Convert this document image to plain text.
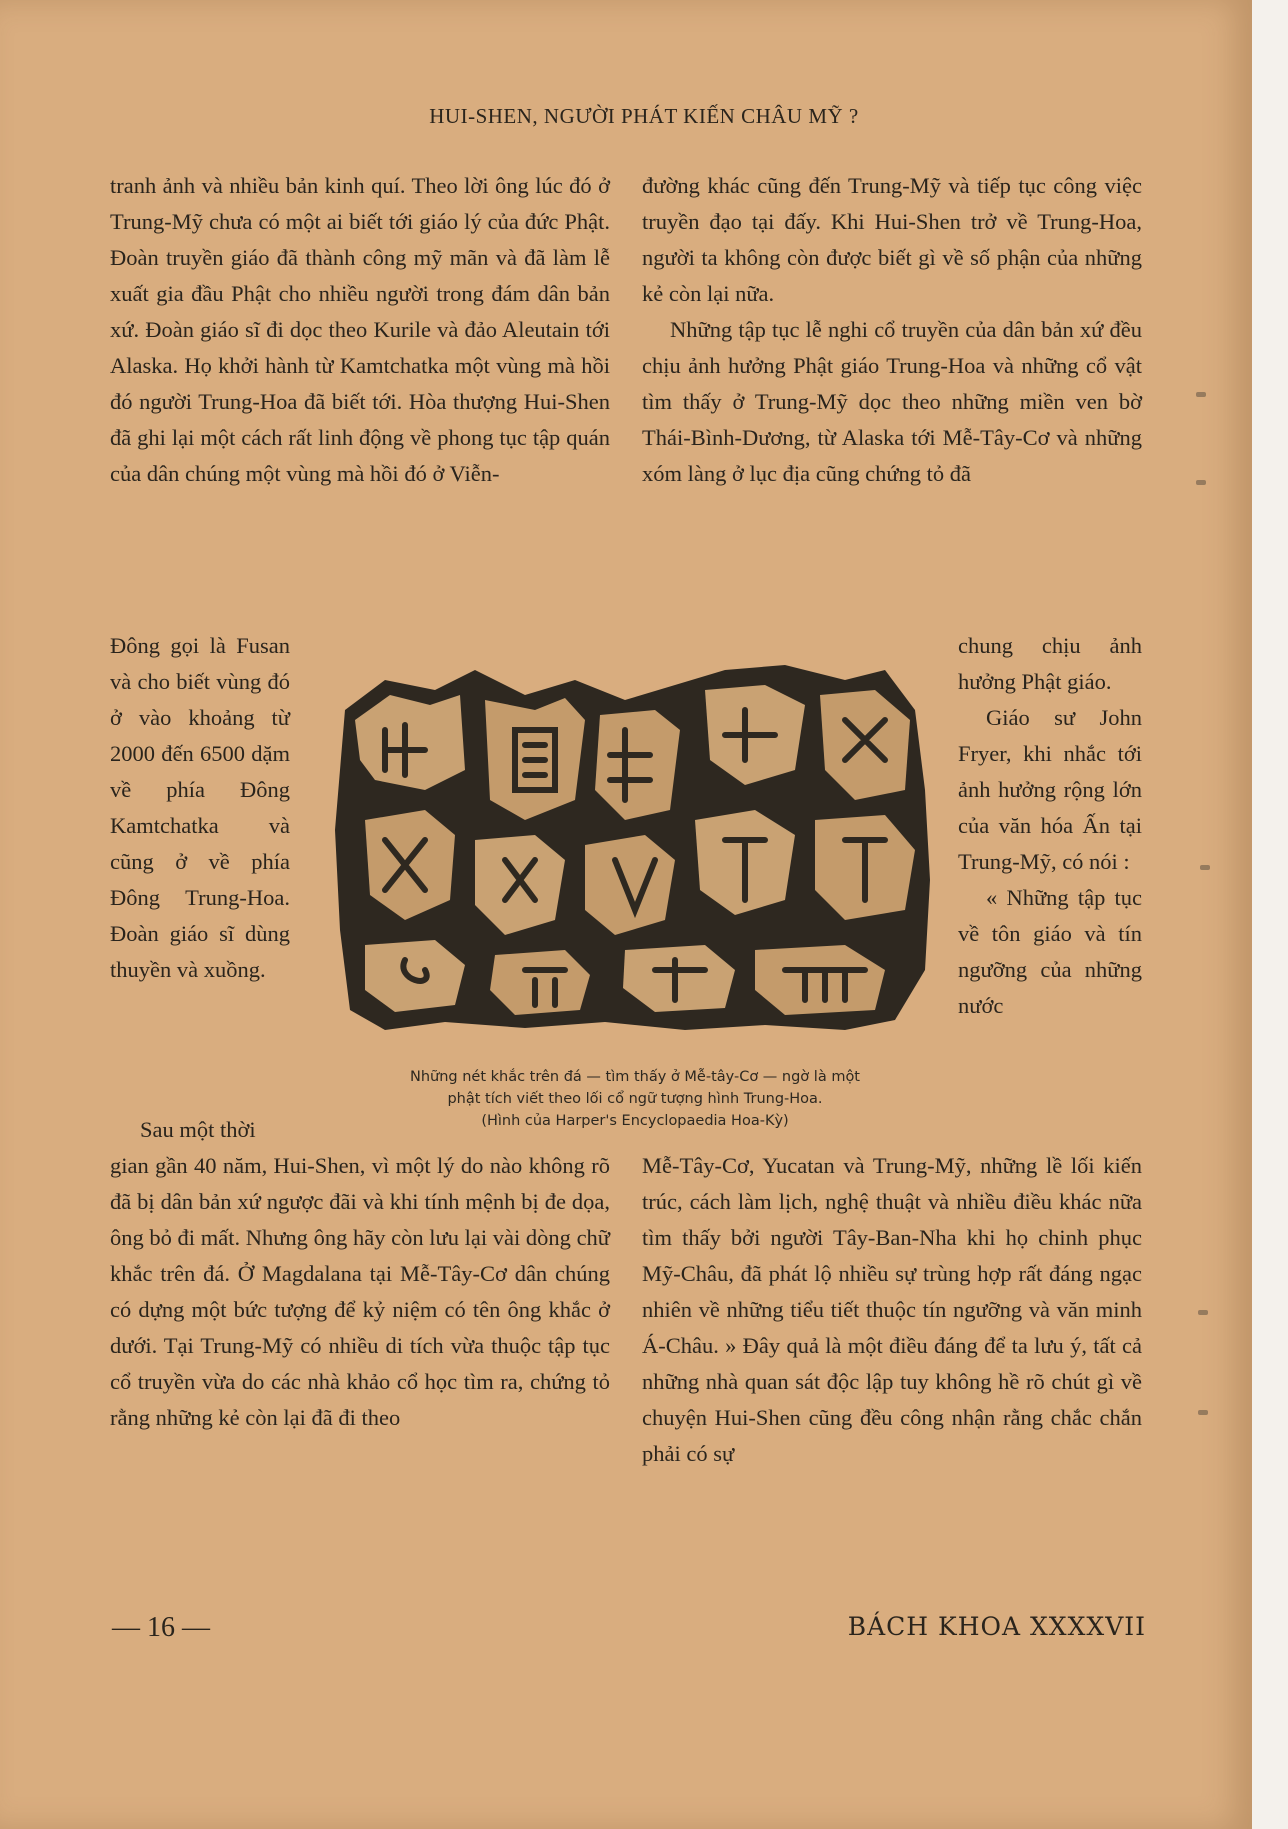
HUI-SHEN, NGƯỜI PHÁT KIẾN CHÂU MỸ ?

tranh ảnh và nhiều bản kinh quí. Theo lời ông lúc đó ở Trung-Mỹ chưa có một ai biết tới giáo lý của đức Phật. Đoàn truyền giáo đã thành công mỹ mãn và đã làm lễ xuất gia đầu Phật cho nhiều người trong đám dân bản xứ. Đoàn giáo sĩ đi dọc theo Kurile và đảo Aleutain tới Alaska. Họ khởi hành từ Kamtchatka một vùng mà hồi đó người Trung-Hoa đã biết tới. Hòa thượng Hui-Shen đã ghi lại một cách rất linh động về phong tục tập quán của dân chúng một vùng mà hồi đó ở Viễn-

đường khác cũng đến Trung-Mỹ và tiếp tục công việc truyền đạo tại đấy. Khi Hui-Shen trở về Trung-Hoa, người ta không còn được biết gì về số phận của những kẻ còn lại nữa.

Những tập tục lễ nghi cổ truyền của dân bản xứ đều chịu ảnh hưởng Phật giáo Trung-Hoa và những cổ vật tìm thấy ở Trung-Mỹ dọc theo những miền ven bờ Thái-Bình-Dương, từ Alaska tới Mễ-Tây-Cơ và những xóm làng ở lục địa cũng chứng tỏ đã

Đông gọi là Fusan và cho biết vùng đó ở vào khoảng từ 2000 đến 6500 dặm về phía Đông Kamtchatka và cũng ở về phía Đông Trung-Hoa. Đoàn giáo sĩ dùng thuyền và xuồng.

chung chịu ảnh hưởng Phật giáo.

Giáo sư John Fryer, khi nhắc tới ảnh hưởng rộng lớn của văn hóa Ấn tại Trung-Mỹ, có nói :

« Những tập tục về tôn giáo và tín ngưỡng của những nước

Sau một thời
Những nét khắc trên đá — tìm thấy ở Mễ-tây-Cơ — ngờ là một
phật tích viết theo lối cổ ngữ tượng hình Trung-Hoa.
(Hình của Harper's Encyclopaedia Hoa-Kỳ)

gian gần 40 năm, Hui-Shen, vì một lý do nào không rõ đã bị dân bản xứ ngược đãi và khi tính mệnh bị đe dọa, ông bỏ đi mất. Nhưng ông hãy còn lưu lại vài dòng chữ khắc trên đá. Ở Magdalana tại Mễ-Tây-Cơ dân chúng có dựng một bức tượng để kỷ niệm có tên ông khắc ở dưới. Tại Trung-Mỹ có nhiều di tích vừa thuộc tập tục cổ truyền vừa do các nhà khảo cổ học tìm ra, chứng tỏ rằng những kẻ còn lại đã đi theo

Mễ-Tây-Cơ, Yucatan và Trung-Mỹ, những lề lối kiến trúc, cách làm lịch, nghệ thuật và nhiều điều khác nữa tìm thấy bởi người Tây-Ban-Nha khi họ chinh phục Mỹ-Châu, đã phát lộ nhiều sự trùng hợp rất đáng ngạc nhiên về những tiểu tiết thuộc tín ngưỡng và văn minh Á-Châu. » Đây quả là một điều đáng để ta lưu ý, tất cả những nhà quan sát độc lập tuy không hề rõ chút gì về chuyện Hui-Shen cũng đều công nhận rằng chắc chắn phải có sự

— 16 —	BÁCH KHOA XXXXVII
